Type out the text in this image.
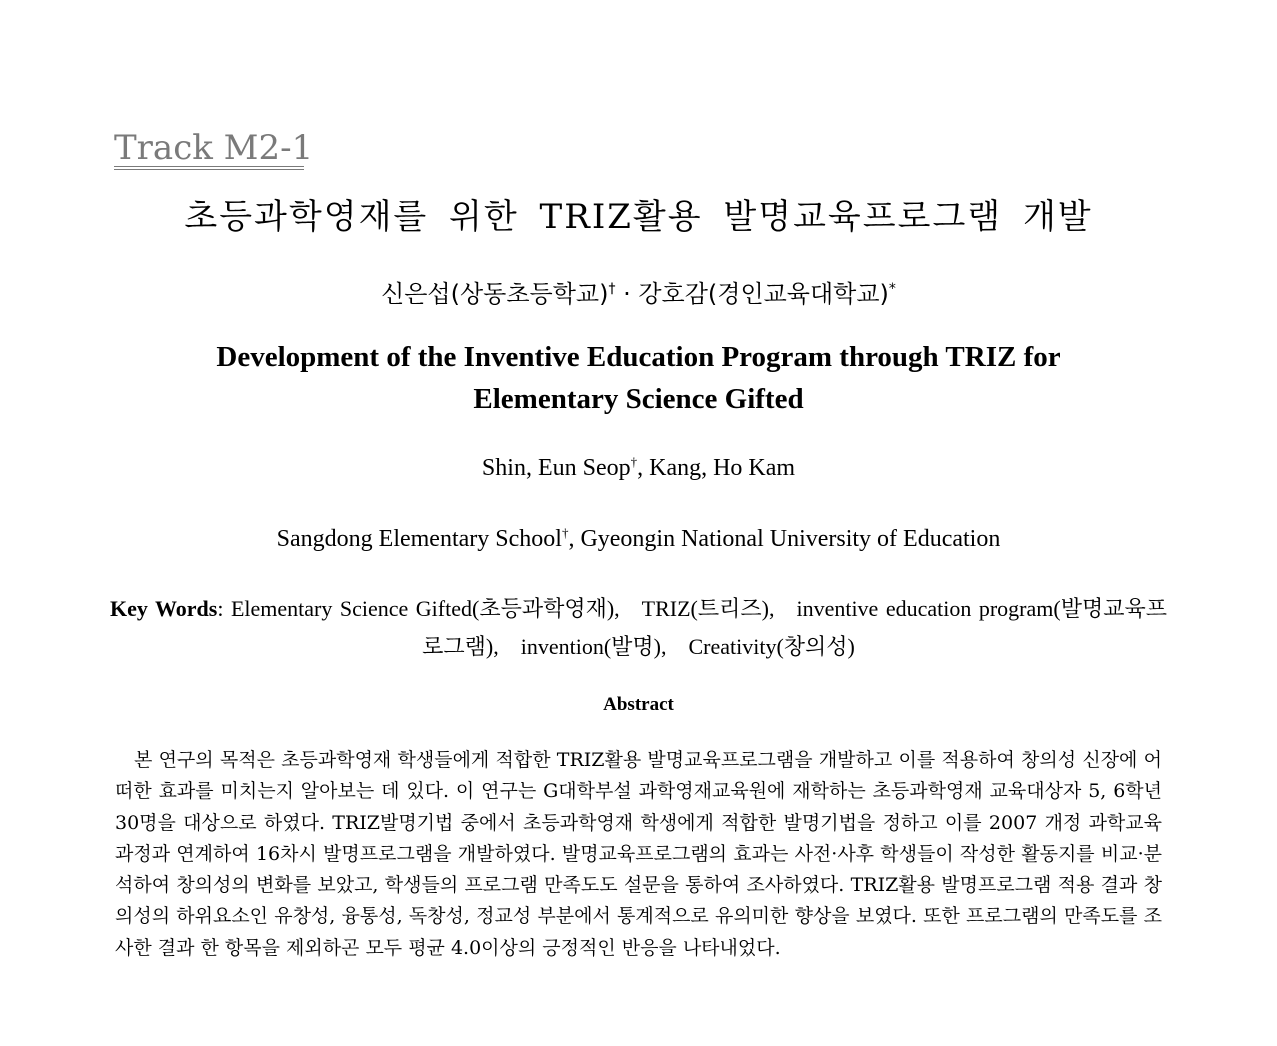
Track M2-1
초등과학영재를 위한 TRIZ활용 발명교육프로그램 개발
신은섭(상동초등학교)† · 강호감(경인교육대학교)*
Development of the Inventive Education Program through TRIZ for
Elementary Science Gifted
Shin, Eun Seop†, Kang, Ho Kam
Sangdong Elementary School†, Gyeongin National University of Education
Key Words: Elementary Science Gifted(초등과학영재), TRIZ(트리즈), inventive education program(발명교육프로그램), invention(발명), Creativity(창의성)
Abstract
본 연구의 목적은 초등과학영재 학생들에게 적합한 TRIZ활용 발명교육프로그램을 개발하고 이를 적용하여 창의성 신장에 어떠한 효과를 미치는지 알아보는 데 있다. 이 연구는 G대학부설 과학영재교육원에 재학하는 초등과학영재 교육대상자 5, 6학년 30명을 대상으로 하였다. TRIZ발명기법 중에서 초등과학영재 학생에게 적합한 발명기법을 정하고 이를 2007 개정 과학교육과정과 연계하여 16차시 발명프로그램을 개발하였다. 발명교육프로그램의 효과는 사전·사후 학생들이 작성한 활동지를 비교·분석하여 창의성의 변화를 보았고, 학생들의 프로그램 만족도도 설문을 통하여 조사하였다. TRIZ활용 발명프로그램 적용 결과 창의성의 하위요소인 유창성, 융통성, 독창성, 정교성 부분에서 통계적으로 유의미한 향상을 보였다. 또한 프로그램의 만족도를 조사한 결과 한 항목을 제외하곤 모두 평균 4.0이상의 긍정적인 반응을 나타내었다.
